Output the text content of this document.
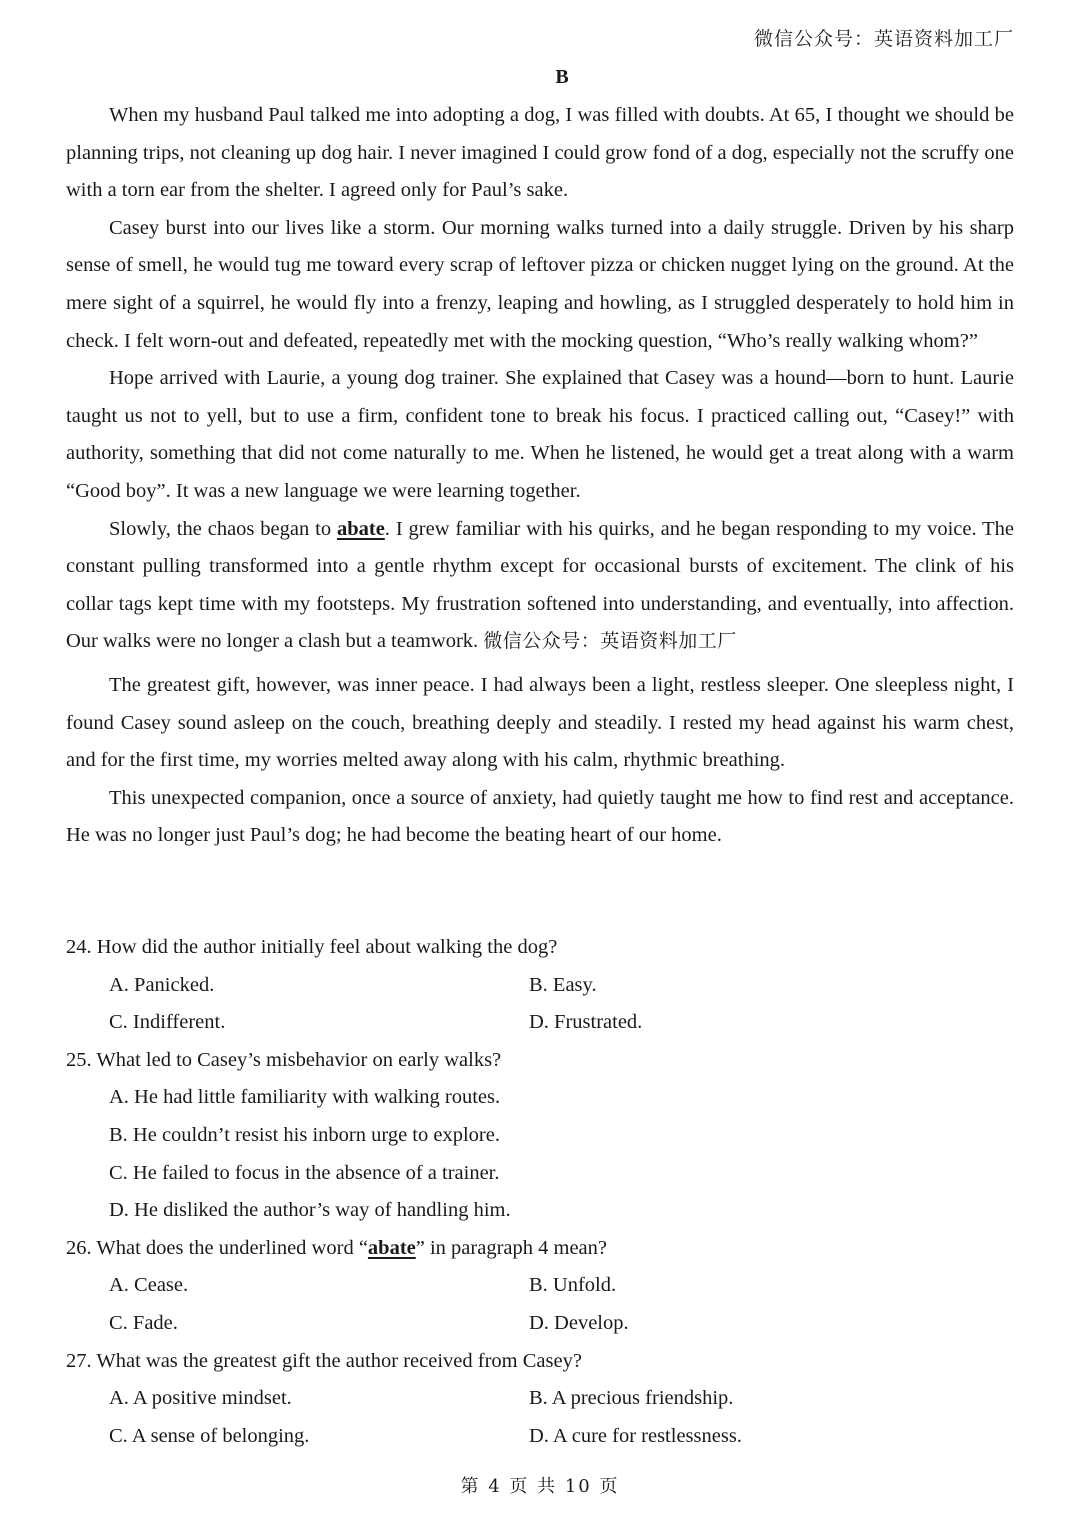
微信公众号：英语资料加工厂
B

When my husband Paul talked me into adopting a dog, I was filled with doubts. At 65, I thought we should be planning trips, not cleaning up dog hair. I never imagined I could grow fond of a dog, especially not the scruffy one with a torn ear from the shelter. I agreed only for Paul’s sake.

Casey burst into our lives like a storm. Our morning walks turned into a daily struggle. Driven by his sharp sense of smell, he would tug me toward every scrap of leftover pizza or chicken nugget lying on the ground. At the mere sight of a squirrel, he would fly into a frenzy, leaping and howling, as I struggled desperately to hold him in check. I felt worn-out and defeated, repeatedly met with the mocking question, “Who’s really walking whom?”

Hope arrived with Laurie, a young dog trainer. She explained that Casey was a hound—born to hunt. Laurie taught us not to yell, but to use a firm, confident tone to break his focus. I practiced calling out, “Casey!” with authority, something that did not come naturally to me. When he listened, he would get a treat along with a warm “Good boy”. It was a new language we were learning together.

Slowly, the chaos began to abate. I grew familiar with his quirks, and he began responding to my voice. The constant pulling transformed into a gentle rhythm except for occasional bursts of excitement. The clink of his collar tags kept time with my footsteps. My frustration softened into understanding, and eventually, into affection. Our walks were no longer a clash but a teamwork. 微信公众号：英语资料加工厂

The greatest gift, however, was inner peace. I had always been a light, restless sleeper. One sleepless night, I found Casey sound asleep on the couch, breathing deeply and steadily. I rested my head against his warm chest, and for the first time, my worries melted away along with his calm, rhythmic breathing.

This unexpected companion, once a source of anxiety, had quietly taught me how to find rest and acceptance. He was no longer just Paul’s dog; he had become the beating heart of our home.

24. How did the author initially feel about walking the dog?

A. Panicked.	B. Easy.
C. Indifferent.	D. Frustrated.

25. What led to Casey’s misbehavior on early walks?

A. He had little familiarity with walking routes.
B. He couldn’t resist his inborn urge to explore.
C. He failed to focus in the absence of a trainer.
D. He disliked the author’s way of handling him.

26. What does the underlined word “abate” in paragraph 4 mean?

A. Cease.	B. Unfold.
C. Fade.	D. Develop.

27. What was the greatest gift the author received from Casey?

A. A positive mindset.	B. A precious friendship.
C. A sense of belonging.	D. A cure for restlessness.
第 4 页 共 10 页
